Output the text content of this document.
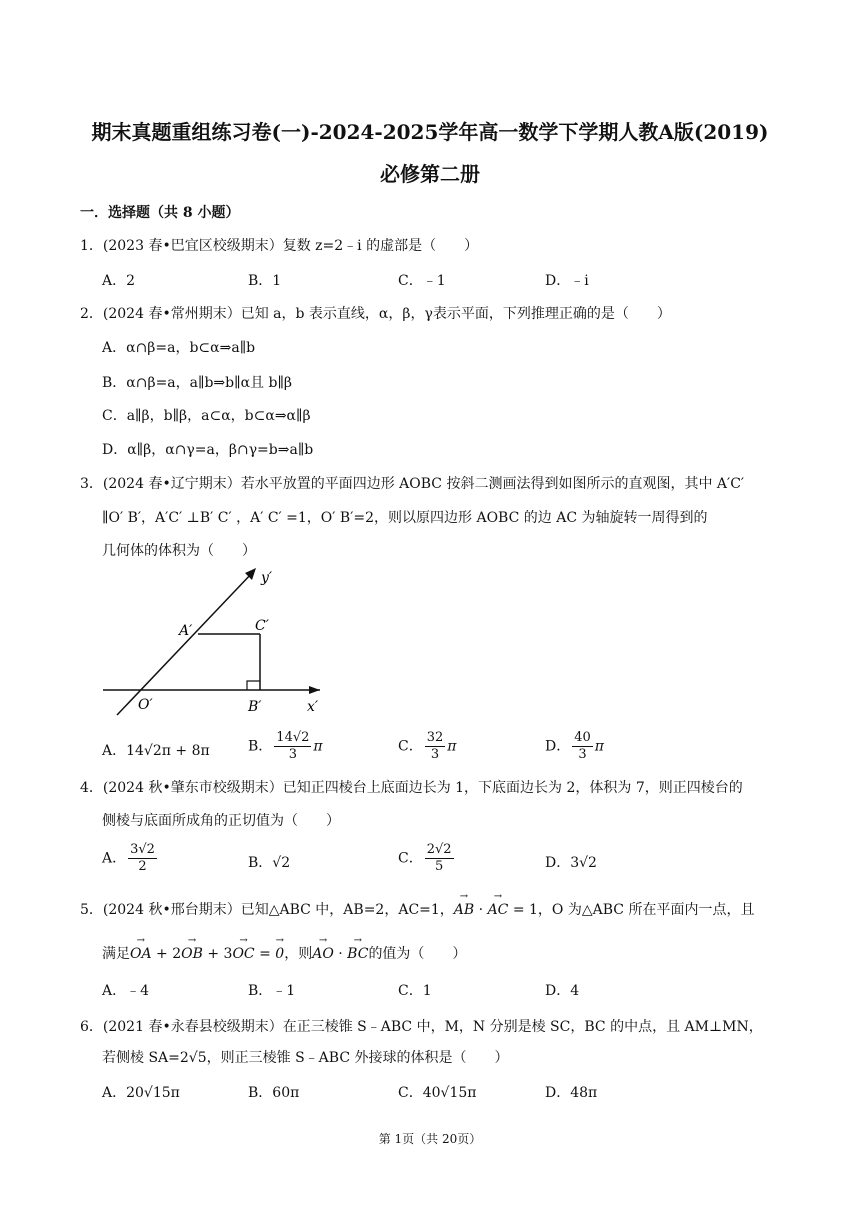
期末真题重组练习卷(一)-2024-2025学年高一数学下学期人教A版(2019)
必修第二册
一．选择题（共 8 小题）
1．(2023 春•巴宜区校级期末）复数 z=2﹣i 的虚部是（　　）
A．2	B．1	C．﹣1	D．﹣i
2．(2024 春•常州期末）已知 a，b 表示直线，α，β，γ表示平面，下列推理正确的是（　　）
A．α∩β=a，b⊂α⇒a∥b
B．α∩β=a，a∥b⇒b∥α且 b∥β
C．a∥β，b∥β，a⊂α，b⊂α⇒α∥β
D．α∥β，α∩γ=a，β∩γ=b⇒a∥b
3．(2024 春•辽宁期末）若水平放置的平面四边形 AOBC 按斜二测画法得到如图所示的直观图，其中 A′C′
∥O′ B′，A′C′ ⊥B′ C′ ，A′ C′ =1，O′ B′=2，则以原四边形 AOBC 的边 AC 为轴旋转一周得到的
几何体的体积为（　　）
y′
x′
A′	C′
O′	B′
A．14√2π + 8π	B． $\frac{14√2}{3}$ π	C． $\frac{32}{3}$ π	D． $\frac{40}{3}$ π
4．(2024 秋•肇东市校级期末）已知正四棱台上底面边长为 1，下底面边长为 2，体积为 7，则正四棱台的
侧棱与底面所成角的正切值为（　　）
A． $\frac{3√2}{2}$	B．√2	C． $\frac{2√2}{5}$	D．3√2
5．(2024 秋•邢台期末）已知△ABC 中，AB=2，AC=1，→ AB · → AC = 1，O 为△ABC 所在平面内一点，且
满足→ OA + 2→ OB + 3→ OC = → 0，则→ AO · → BC的值为（　　）
A．﹣4	B．﹣1	C．1	D．4
6．(2021 春•永春县校级期末）在正三棱锥 S﹣ABC 中，M，N 分别是棱 SC，BC 的中点，且 AM⊥MN，
若侧棱 SA=2√5，则正三棱锥 S﹣ABC 外接球的体积是（　　）
A．20√15π	B．60π	C．40√15π	D．48π
第 1页（共 20页）
